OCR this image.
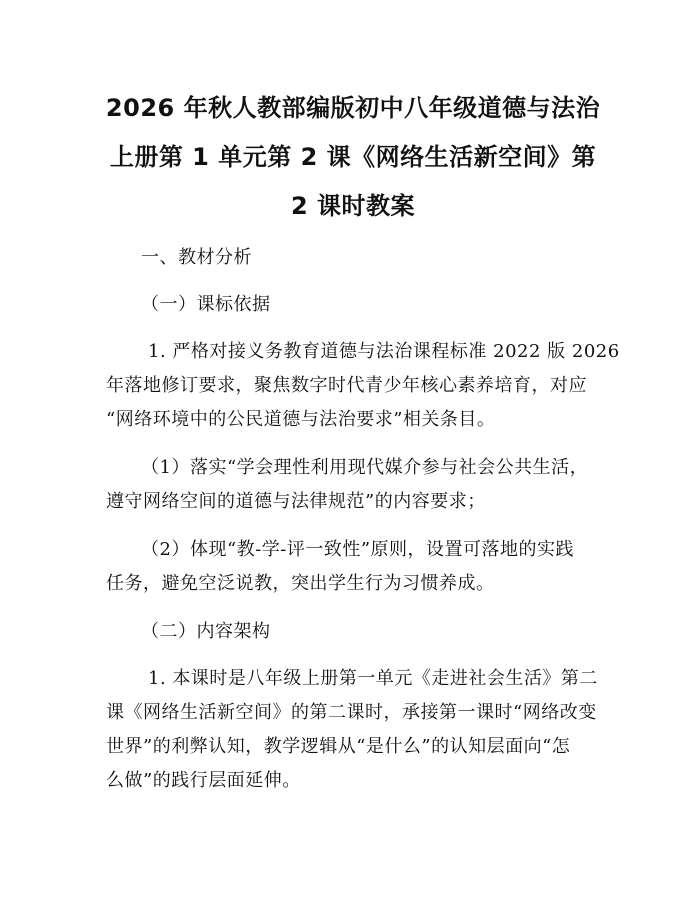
2026 年秋人教部编版初中八年级道德与法治
上册第 1 单元第 2 课《网络生活新空间》第
2 课时教案

一、教材分析

（一）课标依据

1. 严格对接义务教育道德与法治课程标准 2022 版 2026

年落地修订要求，聚焦数字时代青少年核心素养培育，对应

“网络环境中的公民道德与法治要求”相关条目。

（1）落实“学会理性利用现代媒介参与社会公共生活，

遵守网络空间的道德与法律规范”的内容要求；

（2）体现“教-学-评一致性”原则，设置可落地的实践

任务，避免空泛说教，突出学生行为习惯养成。

（二）内容架构

1. 本课时是八年级上册第一单元《走进社会生活》第二

课《网络生活新空间》的第二课时，承接第一课时“网络改变

世界”的利弊认知，教学逻辑从“是什么”的认知层面向“怎

么做”的践行层面延伸。
